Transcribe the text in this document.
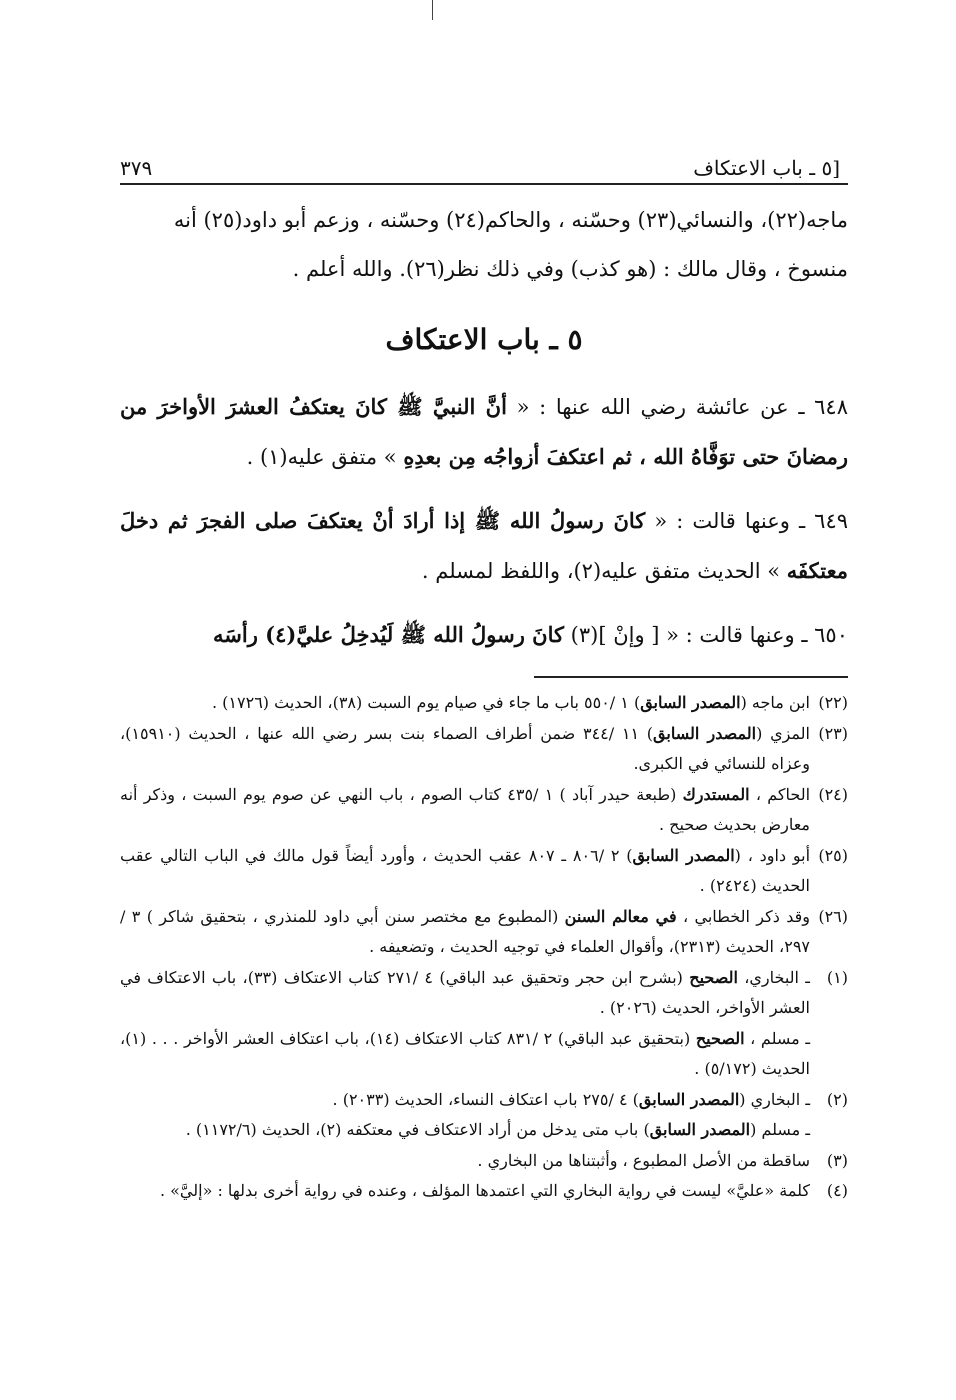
٣٧٩	٥ ـ باب الاعتكاف]

ماجه(٢٢)، والنسائي(٢٣) وحسّنه ، والحاكم(٢٤) وحسّنه ، وزعم أبو داود(٢٥) أنه

منسوخ ، وقال مالك : (هو كذب) وفي ذلك نظر(٢٦). والله أعلم .

٥ ـ باب الاعتكاف

٦٤٨ ـ عن عائشة رضي الله عنها : « أنَّ النبيَّ ﷺ كانَ يعتكفُ العشرَ الأواخرَ من رمضانَ حتى توَفَّاهُ الله ، ثم اعتكفَ أزواجُه مِن بعدِهِ » متفق عليه(١) .

٦٤٩ ـ وعنها قالت : « كانَ رسولُ الله ﷺ إذا أرادَ أنْ يعتكفَ صلى الفجرَ ثم دخلَ معتكفَه » الحديث متفق عليه(٢)، واللفظ لمسلم .

٦٥٠ ـ وعنها قالت : « [ وإنْ ](٣) كانَ رسولُ الله ﷺ لَيُدخِلُ عليَّ(٤) رأسَه

(٢٢)
ابن ماجه (المصدر السابق) ١ /٥٥٠ باب ما جاء في صيام يوم السبت (٣٨)، الحديث (١٧٢٦) .
(٢٣)
المزي (المصدر السابق) ١١ /٣٤٤ ضمن أطراف الصماء بنت بسر رضي الله عنها ، الحديث (١٥٩١٠)، وعزاه للنسائي في الكبرى.
(٢٤)
الحاكم ، المستدرك (طبعة حيدر آباد ) ١ /٤٣٥ كتاب الصوم ، باب النهي عن صوم يوم السبت ، وذكر أنه معارض بحديث صحيح .
(٢٥)
أبو داود ، (المصدر السابق) ٢ /٨٠٦ ـ ٨٠٧ عقب الحديث ، وأورد أيضاً قول مالك في الباب التالي عقب الحديث (٢٤٢٤) .
(٢٦)
وقد ذكر الخطابي ، في معالم السنن (المطبوع مع مختصر سنن أبي داود للمنذري ، بتحقيق شاكر ) ٣ /٢٩٧، الحديث (٢٣١٣)، وأقوال العلماء في توجيه الحديث ، وتضعيفه .
(١)
ـ البخاري، الصحيح (بشرح ابن حجر وتحقيق عبد الباقي) ٤ /٢٧١ كتاب الاعتكاف (٣٣)، باب الاعتكاف في العشر الأواخر، الحديث (٢٠٢٦) .
ـ مسلم ، الصحيح (بتحقيق عبد الباقي) ٢ /٨٣١ كتاب الاعتكاف (١٤)، باب اعتكاف العشر الأواخر . . . (١)، الحديث (٥/١٧٢) .
(٢)
ـ البخاري (المصدر السابق) ٤ /٢٧٥ باب اعتكاف النساء، الحديث (٢٠٣٣) .
ـ مسلم (المصدر السابق) باب متى يدخل من أراد الاعتكاف في معتكفه (٢)، الحديث (١١٧٢/٦) .
(٣)
ساقطة من الأصل المطبوع ، وأثبتناها من البخاري .
(٤)
كلمة «عليَّ» ليست في رواية البخاري التي اعتمدها المؤلف ، وعنده في رواية أخرى بدلها : «إليَّ» .
